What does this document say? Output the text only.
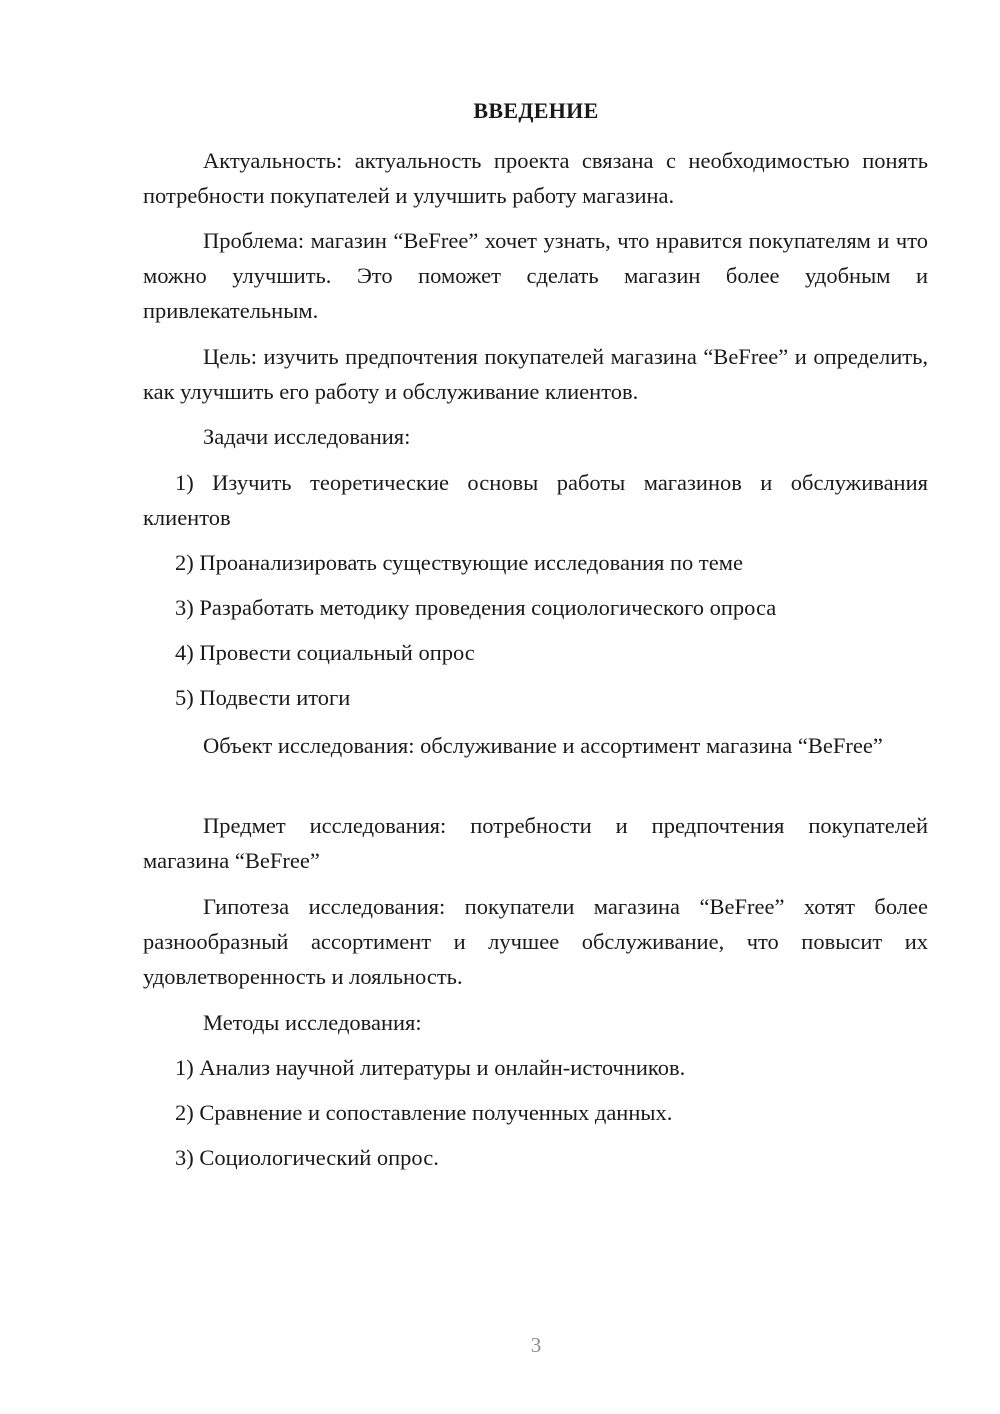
ВВЕДЕНИЕ

Актуальность: актуальность проекта связана с необходимостью понять потребности покупателей и улучшить работу магазина.

Проблема: магазин “BeFree” хочет узнать, что нравится покупателям и что можно улучшить. Это поможет сделать магазин более удобным и привлекательным.

Цель: изучить предпочтения покупателей магазина “BeFree” и определить, как улучшить его работу и обслуживание клиентов.

Задачи исследования:

1) Изучить теоретические основы работы магазинов и обслуживания клиентов

2) Проанализировать существующие исследования по теме

3) Разработать методику проведения социологического опроса

4) Провести социальный опрос

5) Подвести итоги

Объект исследования: обслуживание и ассортимент магазина “BeFree”

Предмет исследования: потребности и предпочтения покупателей магазина “BeFree”

Гипотеза исследования: покупатели магазина “BeFree” хотят более разнообразный ассортимент и лучшее обслуживание, что повысит их удовлетворенность и лояльность.

Методы исследования:

1) Анализ научной литературы и онлайн-источников.

2) Сравнение и сопоставление полученных данных.

3) Социологический опрос.

3
